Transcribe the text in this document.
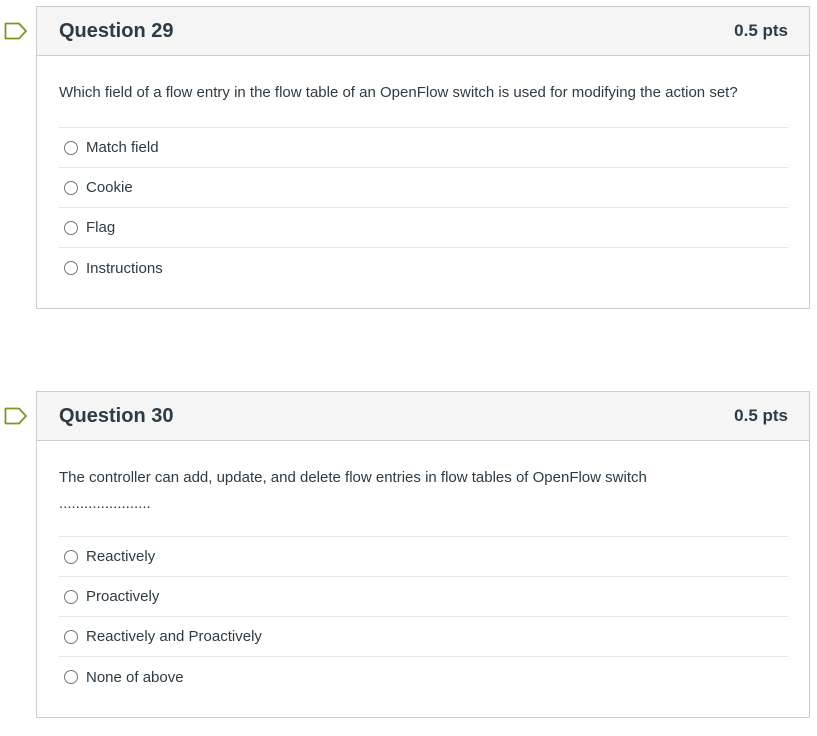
Question 29	0.5 pts

Which field of a flow entry in the flow table of an OpenFlow switch is used for modifying the action set?

Match field
Cookie
Flag
Instructions
Question 30	0.5 pts
The controller can add, update, and delete flow entries in flow tables of OpenFlow switch
......................
Reactively
Proactively
Reactively and Proactively
None of above
